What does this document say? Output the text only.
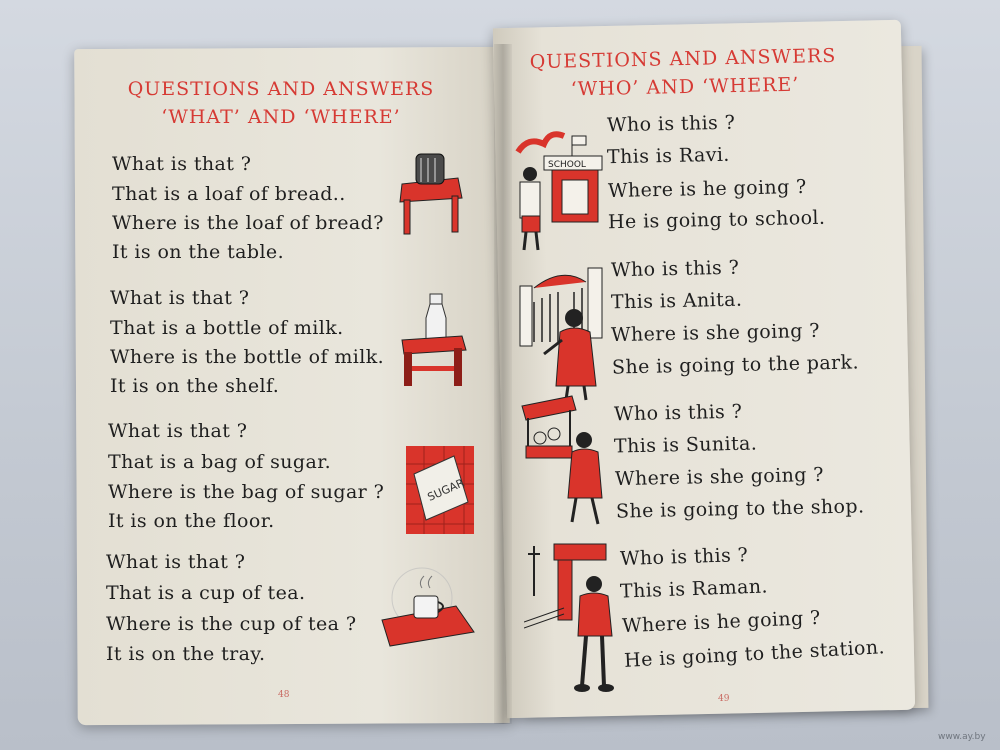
QUESTIONS AND ANSWERS
‘WHAT’ AND ‘WHERE’
What is that ?
That is a loaf of bread..
Where is the loaf of bread?
It is on the table.
What is that ?
That is a bottle of milk.
Where is the bottle of milk.
It is on the shelf.
What is that ?
That is a bag of sugar.
Where is the bag of sugar ?
It is on the floor.
What is that ?
That is a cup of tea.
Where is the cup of tea ?
It is on the tray.
48
SUGAR
QUESTIONS AND ANSWERS
‘WHO’ AND ‘WHERE’
Who is this ?
This is Ravi.
Where is he going ?
He is going to school.
Who is this ?
This is Anita.
Where is she going ?
She is going to the park.
Who is this ?
This is Sunita.
Where is she going ?
She is going to the shop.
Who is this ?
This is Raman.
Where is he going ?
He is going to the station.
49
SCHOOL
www.ay.by
